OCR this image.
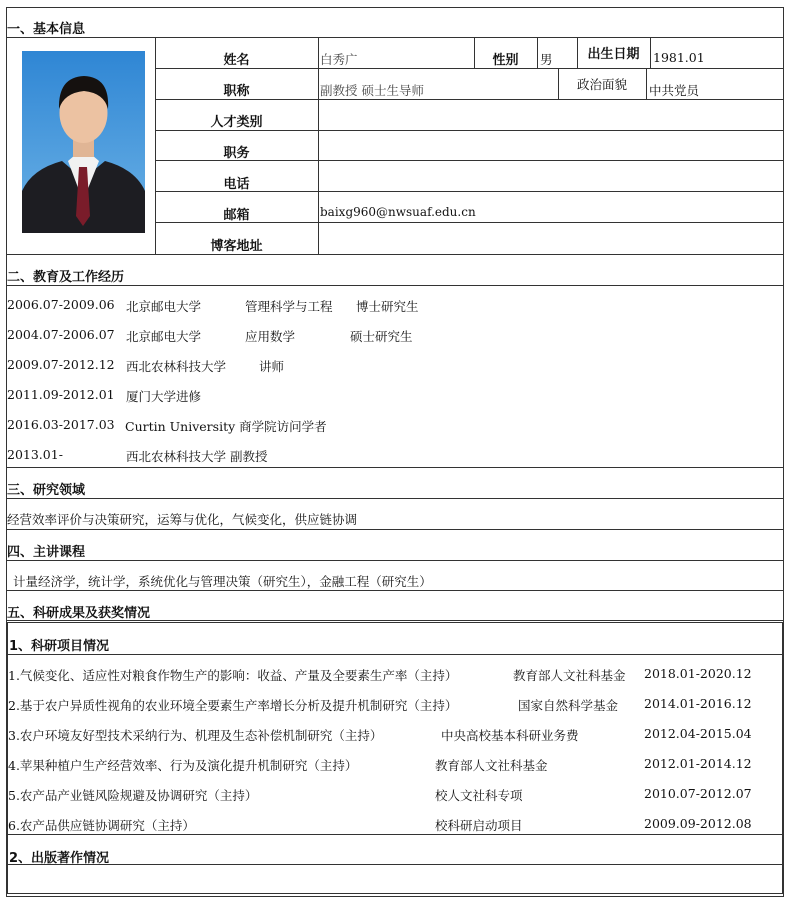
一、基本信息
姓名	白秀广	性别	男	出生日期	1981.01
职称	副教授 硕士生导师	政治面貌	中共党员
人才类别
职务
电话
邮箱	baixg960@nwsuaf.edu.cn
博客地址
二、教育及工作经历
2006.07-2009.06 北京邮电大学	管理科学与工程 博士研究生
2004.07-2006.07 北京邮电大学	应用数学	硕士研究生
2009.07-2012.12 西北农林科技大学	讲师
2011.09-2012.01 厦门大学进修
2016.03-2017.03 Curtin University 商学院访问学者
2013.01-	西北农林科技大学 副教授
三、研究领域
经营效率评价与决策研究，运筹与优化，气候变化，供应链协调
四、主讲课程
计量经济学，统计学，系统优化与管理决策（研究生），金融工程（研究生）
五、科研成果及获奖情况
1、科研项目情况
1.气候变化、适应性对粮食作物生产的影响：收益、产量及全要素生产率（主持）	教育部人文社科基金 2018.01-2020.12
2.基于农户异质性视角的农业环境全要素生产率增长分析及提升机制研究（主持）	国家自然科学基金 2014.01-2016.12
3.农户环境友好型技术采纳行为、机理及生态补偿机制研究（主持）	中央高校基本科研业务费	2012.04-2015.04
4.苹果种植户生产经营效率、行为及演化提升机制研究（主持）	教育部人文社科基金	2012.01-2014.12
5.农产品产业链风险规避及协调研究（主持）	校人文社科专项	2010.07-2012.07
6.农产品供应链协调研究（主持）	校科研启动项目	2009.09-2012.08
2、出版著作情况
